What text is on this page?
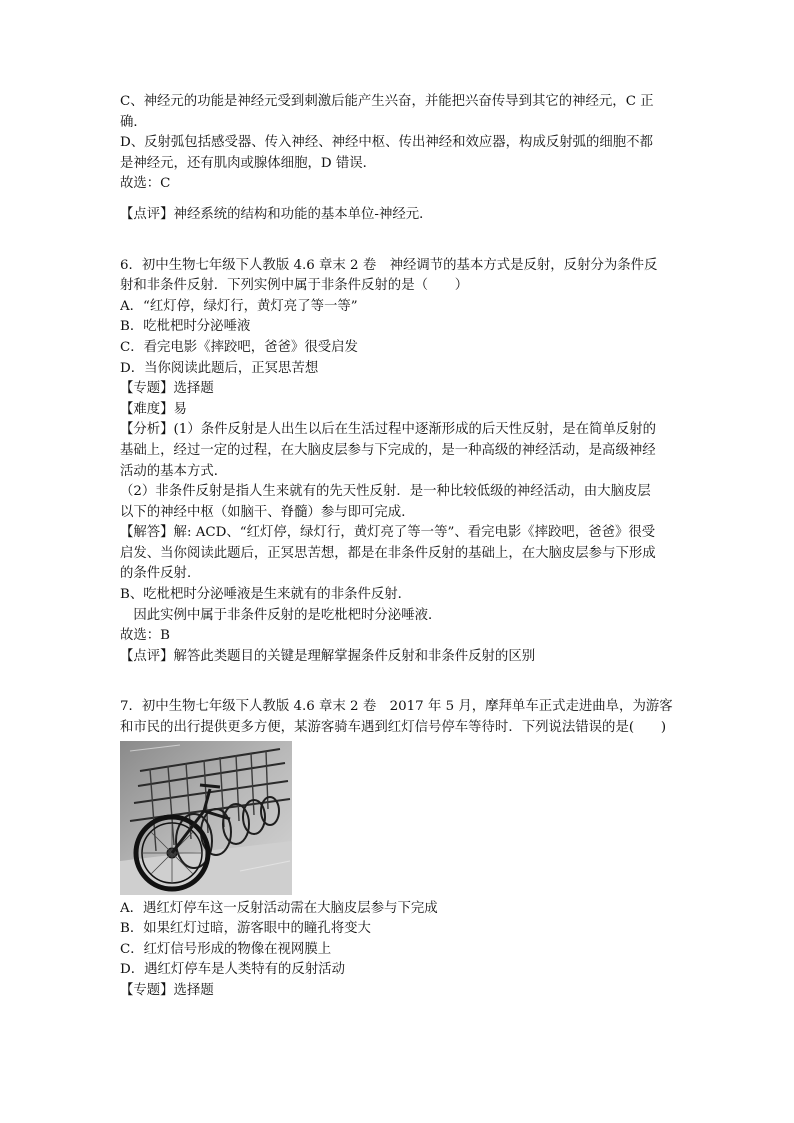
C、神经元的功能是神经元受到刺激后能产生兴奋，并能把兴奋传导到其它的神经元，C 正
确．
D、反射弧包括感受器、传入神经、神经中枢、传出神经和效应器，构成反射弧的细胞不都
是神经元，还有肌肉或腺体细胞，D 错误．
故选：C
【点评】神经系统的结构和功能的基本单位-神经元．
6．初中生物七年级下人教版 4.6 章末 2 卷　神经调节的基本方式是反射，反射分为条件反
射和非条件反射．下列实例中属于非条件反射的是（　　）
A．“红灯停，绿灯行，黄灯亮了等一等”
B．吃枇杷时分泌唾液
C．看完电影《摔跤吧，爸爸》很受启发
D．当你阅读此题后，正冥思苦想
【专题】选择题
【难度】易
【分析】(1）条件反射是人出生以后在生活过程中逐渐形成的后天性反射，是在简单反射的
基础上，经过一定的过程，在大脑皮层参与下完成的，是一种高级的神经活动，是高级神经
活动的基本方式．
（2）非条件反射是指人生来就有的先天性反射．是一种比较低级的神经活动，由大脑皮层
以下的神经中枢（如脑干、脊髓）参与即可完成．
【解答】解: ACD、“红灯停，绿灯行，黄灯亮了等一等”、看完电影《摔跤吧，爸爸》很受
启发、当你阅读此题后，正冥思苦想，都是在非条件反射的基础上，在大脑皮层参与下形成
的条件反射．
B、吃枇杷时分泌唾液是生来就有的非条件反射．
　因此实例中属于非条件反射的是吃枇杷时分泌唾液．
故选：B
【点评】解答此类题目的关键是理解掌握条件反射和非条件反射的区别
7．初中生物七年级下人教版 4.6 章末 2 卷　2017 年 5 月，摩拜单车正式走进曲阜，为游客
和市民的出行提供更多方便，某游客骑车遇到红灯信号停车等待时．下列说法错误的是(　　)
A．遇红灯停车这一反射活动需在大脑皮层参与下完成
B．如果红灯过暗，游客眼中的瞳孔将变大
C．红灯信号形成的物像在视网膜上
D．遇红灯停车是人类特有的反射活动
【专题】选择题
